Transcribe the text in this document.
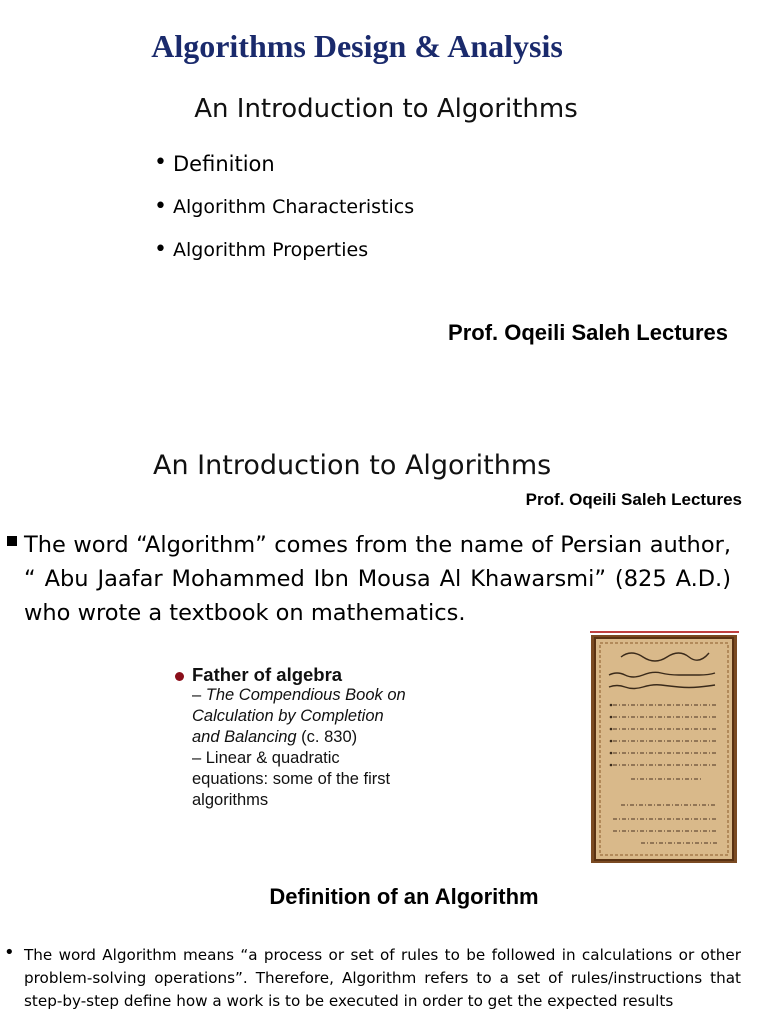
Algorithms Design & Analysis
An Introduction to Algorithms
• Definition
• Algorithm Characteristics
• Algorithm Properties
Prof. Oqeili Saleh Lectures
An Introduction to Algorithms
Prof. Oqeili Saleh Lectures
The word “Algorithm” comes from the name of Persian author, “ Abu Jaafar Mohammed Ibn Mousa Al Khawarsmi” (825 A.D.) who wrote a textbook on mathematics.
Father of algebra
– The Compendious Book on Calculation by Completion and Balancing (c. 830)
– Linear & quadratic equations: some of the first algorithms
Definition of an Algorithm
• The word Algorithm means “a process or set of rules to be followed in calculations or other problem-solving operations”. Therefore, Algorithm refers to a set of rules/instructions that step-by-step define how a work is to be executed in order to get the expected results
